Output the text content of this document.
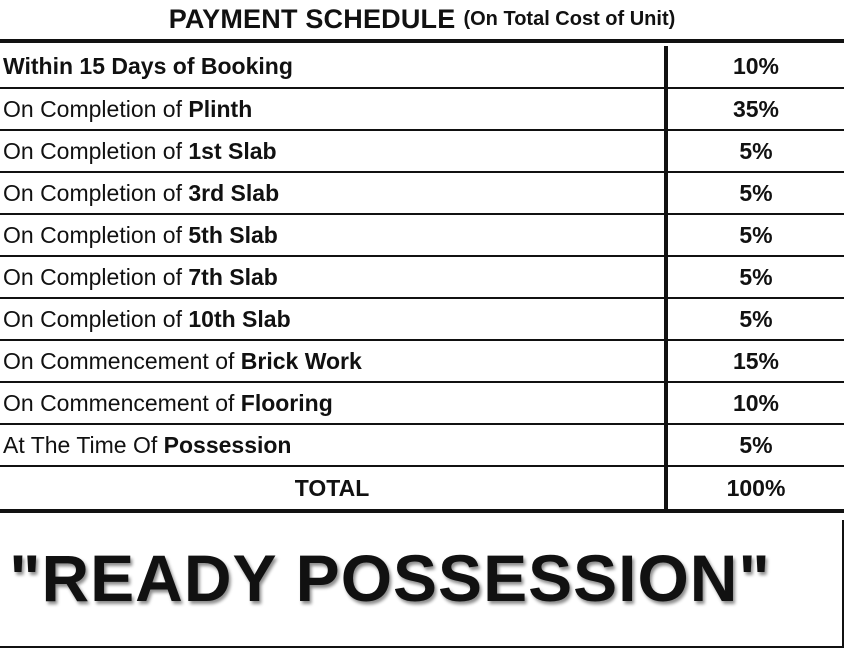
PAYMENT SCHEDULE (On Total Cost of Unit)
Within 15 Days of Booking	10%
On Completion of Plinth	35%
On Completion of 1st Slab	5%
On Completion of 3rd Slab	5%
On Completion of 5th Slab	5%
On Completion of 7th Slab	5%
On Completion of 10th Slab	5%
On Commencement of Brick Work	15%
On Commencement of Flooring	10%
At The Time Of Possession	5%
TOTAL	100%
"READY POSSESSION"
